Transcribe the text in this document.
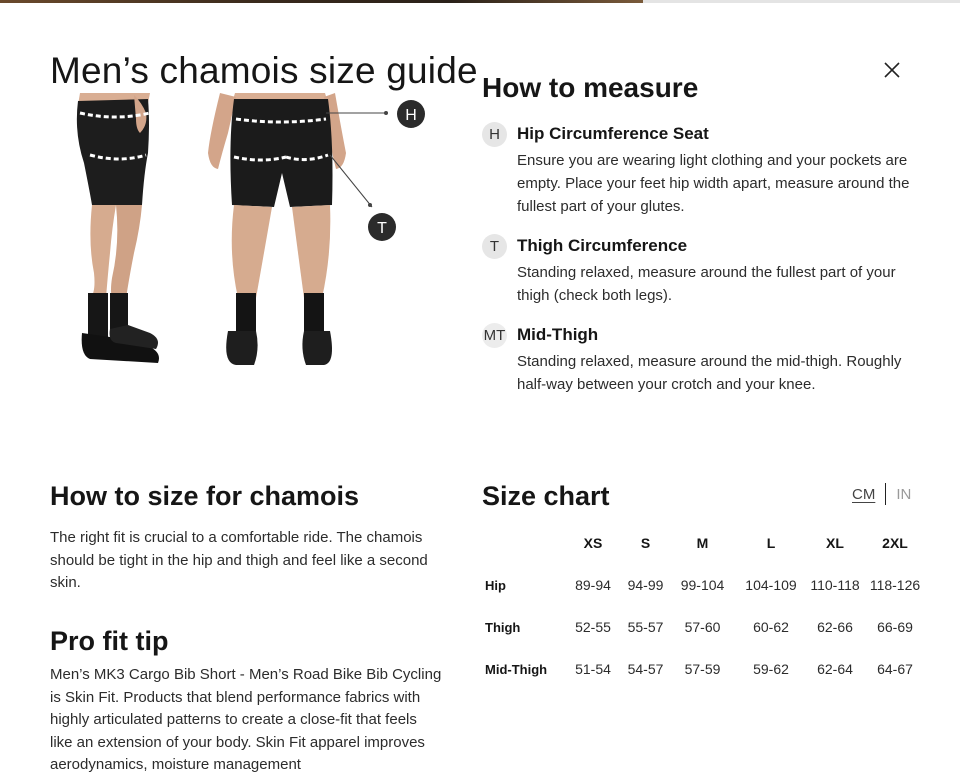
Men’s chamois size guide
H
T
How to measure
H	Hip Circumference Seat
Ensure you are wearing light clothing and your pockets are empty. Place your feet hip width apart, measure around the fullest part of your glutes.
T	Thigh Circumference
Standing relaxed, measure around the fullest part of your thigh (check both legs).
MT Mid-Thigh
Standing relaxed, measure around the mid-thigh. Roughly half-way between your crotch and your knee.
How to size for chamois

The right fit is crucial to a comfortable ride. The chamois should be tight in the hip and thigh and feel like a second skin.

Pro fit tip

Men’s MK3 Cargo Bib Short - Men’s Road Bike Bib Cycling is Skin Fit. Products that blend performance fabrics with highly articulated patterns to create a close-fit that feels like an extension of your body. Skin Fit apparel improves aerodynamics, moisture management

Size chart	CM	IN
	XS	S	M	L	XL	2XL
Hip	89-94	94-99	99-104	104-109	110-118	118-126
Thigh	52-55	55-57	57-60	60-62	62-66	66-69
Mid-Thigh	51-54	54-57	57-59	59-62	62-64	64-67
